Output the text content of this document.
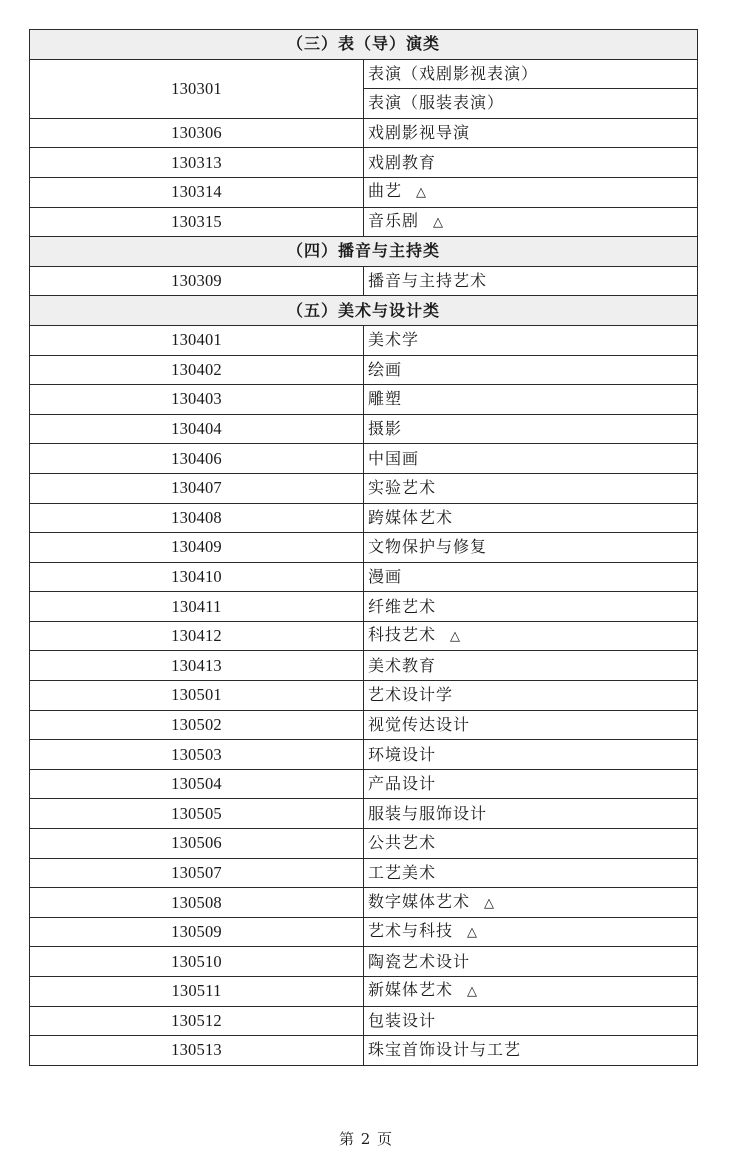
（三）表（导）演类	
130301	表演（戏剧影视表演）
	表演（服装表演）
130306	戏剧影视导演
130313	戏剧教育
130314	曲艺 △
130315	音乐剧 △
（四）播音与主持类	
130309	播音与主持艺术
（五）美术与设计类	
130401	美术学
130402	绘画
130403	雕塑
130404	摄影
130406	中国画
130407	实验艺术
130408	跨媒体艺术
130409	文物保护与修复
130410	漫画
130411	纤维艺术
130412	科技艺术 △
130413	美术教育
130501	艺术设计学
130502	视觉传达设计
130503	环境设计
130504	产品设计
130505	服装与服饰设计
130506	公共艺术
130507	工艺美术
130508	数字媒体艺术 △
130509	艺术与科技 △
130510	陶瓷艺术设计
130511	新媒体艺术 △
130512	包装设计
130513	珠宝首饰设计与工艺
第 2 页
